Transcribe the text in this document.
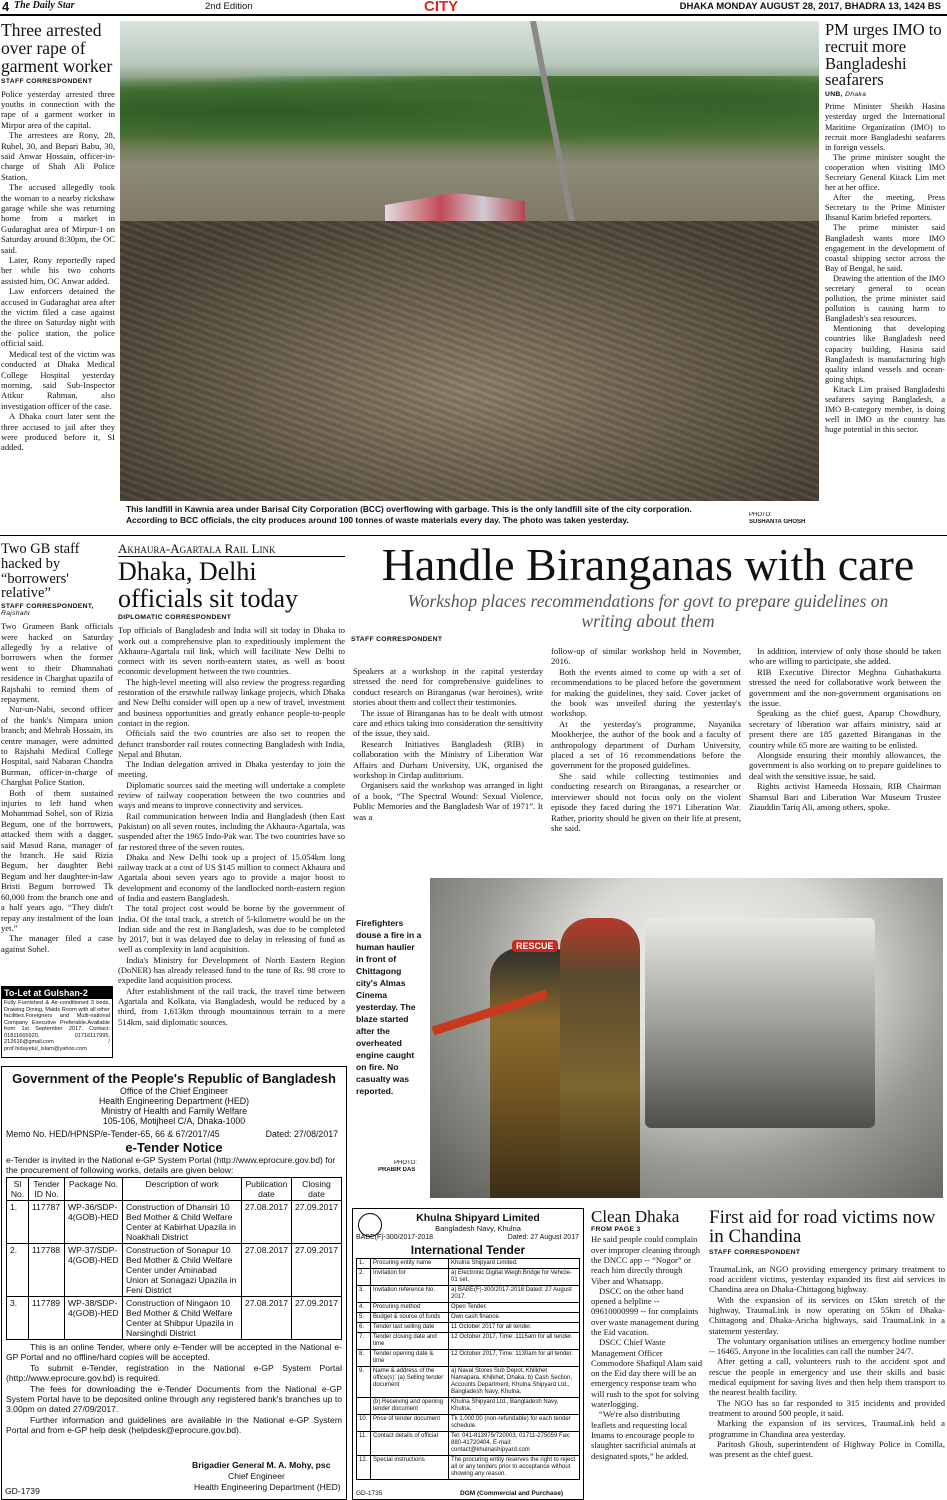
4 The Daily Star	2nd Edition	CITY	DHAKA MONDAY AUGUST 28, 2017, BHADRA 13, 1424 BS
Three arrested over rape of garment worker
STAFF CORRESPONDENT

Police yesterday arrested three youths in connection with the rape of a garment worker in Mirpur area of the capital.

The arrestees are Rony, 28, Rubel, 30, and Bepari Babu, 30, said Anwar Hossain, officer-in-charge of Shah Ali Police Station.

The accused allegedly took the woman to a nearby rickshaw garage while she was returning home from a market in Gudaraghat area of Mirpur-1 on Saturday around 8:30pm, the OC said.

Later, Rony reportedly raped her while his two cohorts assisted him, OC Anwar added.

Law enforcers detained the accused in Gudaraghat area after the victim filed a case against the three on Saturday night with the police station, the police official said.

Medical test of the victim was conducted at Dhaka Medical College Hospital yesterday morning, said Sub-Inspector Atikur Rahman, also investigation officer of the case.

A Dhaka court later sent the three accused to jail after they were produced before it, SI added.

This landfill in Kawnia area under Barisal City Corporation (BCC) overflowing with garbage. This is the only landfill site of the city corporation. According to BCC officials, the city produces around 100 tonnes of waste materials every day. The photo was taken yesterday.	PHOTO:
SUSHANTA GHOSH
PM urges IMO to recruit more Bangladeshi seafarers
UNB, Dhaka

Prime Minister Sheikh Hasina yesterday urged the International Maritime Organization (IMO) to recruit more Bangladeshi seafarers in foreign vessels.

The prime minister sought the cooperation when visiting IMO Secretary General Kitack Lim met her at her office.

After the meeting, Press Secretary to the Prime Minister Ihsanul Karim briefed reporters.

The prime minister said Bangladesh wants more IMO engagement in the development of coastal shipping sector across the Bay of Bengal, he said.

Drawing the attention of the IMO secretary general to ocean pollution, the prime minister said pollution is causing harm to Bangladesh's sea resources.

Mentioning that developing countries like Bangladesh need capacity building, Hasina said Bangladesh is manufacturing high quality inland vessels and ocean-going ships.

Kitack Lim praised Bangladeshi seafarers saying Bangladesh, a IMO B-category member, is doing well in IMO as the country has huge potential in this sector.

Two GB staff hacked by “borrowers' relative”
STAFF CORRESPONDENT, Rajshahi

Two Grameen Bank officials were hacked on Saturday allegedly by a relative of borrowers when the former went to their Dhamnahati residence in Charghat upazila of Rajshahi to remind them of repayment.

Nur-un-Nabi, second officer of the bank's Nimpara union branch; and Mehrab Hossain, its centre manager, were admitted to Rajshahi Medical College Hospital, said Nabaran Chandra Burman, officer-in-charge of Charghat Police Station.

Both of them sustained injuries to left hand when Mohammad Sohel, son of Rizia Begum, one of the borrowers, attacked them with a dagger, said Masud Rana, manager of the branch. He said Rizia Begum, her daughter Bebi Begum and her daughter-in-law Bristi Begum borrowed Tk 60,000 from the branch one and a half years ago. “They didn't repay any instalment of the loan yet.”

The manager filed a case against Sohel.

To-Let at Gulshan-2
Fully Furnished & Air-conditioned 3 beds, Drawing Dining, Maids Room with all other facilities.Foreigners and Multi-national Company Executive Preferable.Available from 1st September 2017. Contact: 01811665920, 01716117995, 212616@gmail.com / prof.hidayetul_islam@yahoo.com
Akhaura-Agartala Rail Link
Dhaka, Delhi officials sit today
DIPLOMATIC CORRESPONDENT

Top officials of Bangladesh and India will sit today in Dhaka to work out a comprehensive plan to expeditiously implement the Akhaura-Agartala rail link, which will facilitate New Delhi to connect with its seven north-eastern states, as well as boost economic development between the two countries.

The high-level meeting will also review the progress regarding restoration of the erstwhile railway linkage projects, which Dhaka and New Delhi consider will open up a new of travel, investment and business opportunities and greatly enhance people-to-people contact in the region.

Officials said the two countries are also set to reopen the defunct transborder rail routes connecting Bangladesh with India, Nepal and Bhutan.

The Indian delegation arrived in Dhaka yesterday to join the meeting.

Diplomatic sources said the meeting will undertake a complete review of railway cooperation between the two countries and ways and means to improve connectivity and services.

Rail communication between India and Bangladesh (then East Pakistan) on all seven routes, including the Akhaura-Agartala, was suspended after the 1965 Indo-Pak war. The two countries have so far restored three of the seven routes.

Dhaka and New Delhi took up a project of 15.054km long railway track at a cost of US $145 million to connect Akhaura and Agartala about seven years ago to provide a major boost to development and economy of the landlocked north-eastern region of India and eastern Bangladesh.

The total project cost would be borne by the government of India. Of the total track, a stretch of 5-kilometre would be on the Indian side and the rest in Bangladesh, was due to be completed by 2017, but it was delayed due to delay in releasing of fund as well as complexity in land acquisition.

India's Ministry for Development of North Eastern Region (DoNER) has already released fund to the tune of Rs. 98 crore to expedite land acquisition process.

After establishment of the rail track, the travel time between Agartala and Kolkata, via Bangladesh, would be reduced by a third, from 1,613km through mountainous terrain to a mere 514km, said diplomatic sources.

Handle Biranganas with care
Workshop places recommendations for govt to prepare guidelines on writing about them
STAFF CORRESPONDENT

Speakers at a workshop in the capital yesterday stressed the need for comprehensive guidelines to conduct research on Biranganas (war heroines), write stories about them and collect their testimonies.

The issue of Biranganas has to be dealt with utmost care and ethics taking into consideration the sensitivity of the issue, they said.

Research Initiatives Bangladesh (RIB) in collaboration with the Ministry of Liberation War Affairs and Durham University, UK, organised the workshop in Cirdap auditorium.

Organisers said the workshop was arranged in light of a book, “The Spectral Wound: Sexual Violence, Public Memories and the Bangladesh War of 1971”. It was a

follow-up of similar workshop held in November, 2016.

Both the events aimed to come up with a set of recommendations to be placed before the government for making the guidelines, they said. Cover jacket of the book was unveiled during the yesterday's workshop.

At the yesterday's programme, Nayanika Mookherjee, the author of the book and a faculty of anthropology department of Durham University, placed a set of 16 recommendations before the government for the proposed guidelines.

She said while collecting testimonies and conducting research on Biranganas, a researcher or interviewer should not focus only on the violent episode they faced during the 1971 Liberation War. Rather, priority should be given on their life at present, she said.

In addition, interview of only those should be taken who are willing to participate, she added.

RIB Executive Director Meghna Guhathakurta stressed the need for collaborative work between the government and the non-government organisations on the issue.

Speaking as the chief guest, Aparup Chowdhury, secretary of liberation war affairs ministry, said at present there are 185 gazetted Biranganas in the country while 65 more are waiting to be enlisted.

Alongside ensuring their monthly allowances, the government is also working on to prepare guidelines to deal with the sensitive issue, he said.

Rights activist Hameeda Hossain, RIB Chairman Shamsul Bari and Liberation War Museum Trustee Ziauddin Tariq Ali, among others, spoke.

Firefighters douse a fire in a human haulier in front of Chittagong city's Almas Cinema yesterday. The blaze started after the overheated engine caught on fire. No casualty was reported.
PHOTO:
PRABIR DAS
RESCUE
Government of the People's Republic of Bangladesh
Office of the Chief Engineer
Health Engineering Department (HED)
Ministry of Health and Family Welfare
105-106, Motijheel C/A, Dhaka-1000
Memo No. HED/HPNSP/e-Tender-65, 66 & 67/2017/45	Dated: 27/08/2017
e-Tender Notice
e-Tender is invited in the National e-GP System Portal (http://www.eprocure.gov.bd) for the procurement of following works, details are given below:
Sl No.	Tender ID No.	Package No.	Description of work	Publication date	Closing date
1.	117787	WP-36/SDP-4(GOB)-HED	Construction of Dhansiri 10 Bed Mother & Child Welfare Center at Kabirhat Upazila in Noakhali District	27.08.2017	27.09.2017
2.	117788	WP-37/SDP-4(GOB)-HED	Construction of Sonapur 10 Bed Mother & Child Welfare Center under Aminabad Union at Sonagazi Upazila in Feni District	27.08.2017	27.09.2017
3.	117789	WP-38/SDP-4(GOB)-HED	Construction of Ningaon 10 Bed Mother & Child Welfare Center at Shibpur Upazila in Narsinghdi District	27.08.2017	27.09.2017

This is an online Tender, where only e-Tender will be accepted in the National e-GP Portal and no offline/hard copies will be accepted.

To submit e-Tender, registration in the National e-GP System Portal (http://www.eprocure.gov.bd) is required.

The fees for downloading the e-Tender Documents from the National e-GP System Portal have to be deposited online through any registered bank's branches up to 3.00pm on dated 27/09/2017.

Further information and guidelines are available in the National e-GP System Portal and from e-GP help desk (helpdesk@eprocure.gov.bd).

Brigadier General M. A. Mohy, psc
Chief Engineer
Health Engineering Department (HED)
GD-1739
Khulna Shipyard Limited
Bangladesh Navy, Khulna
BABE(F)-300/2017-2018	Dated: 27 August 2017
International Tender
1.	Procuring entity name	Khulna Shipyard Limited.
2.	Invitation for	a) Electronic Digital Weigh Bridge for Vehicle-01 set.
3.	Invitation reference No.	a) BABE(F)-300/2017-2018 Dated: 27 August 2017.
4.	Procuring method	Open Tender.
5.	Budget & source of funds	Own cash finance.
6.	Tender last selling date	11 October 2017 for all tender.
7.	Tender closing date and time	12 October 2017, Time: 1115am for all tender.
8.	Tender opening date & time	12 October 2017, Time: 1130am for all tender.
9.	Name & address of the office(s): (a) Selling tender document	a) Naval Stores Sub Depot, Khilkhet Namapara, Khilkhet, Dhaka. b) Cash Section, Accounts Department, Khulna Shipyard Ltd., Bangladesh Navy, Khulna.
	(b) Receiving and opening tender document	Khulna Shipyard Ltd., Bangladesh Navy, Khulna.
10.	Price of tender document	Tk 1,000.00 (non-refundable) for each tender schedule.
11.	Contact details of official	Tel: 041-813975/720003, 01711-275059 Fax: 880-41720404, E-mail: contact@khulnashipyard.com
12.	Special instructions	The procuring entity reserves the right to reject all or any tenders prior to acceptance without showing any reason.
GD-1735	DGM (Commercial and Purchase)
Clean Dhaka
FROM PAGE 3

He said people could complain over improper cleaning through the DNCC app -- “Nogor” or reach him directly through Viber and Whatsapp.

DSCC on the other hand opened a helpline -- 09610000999 -- for complaints over waste management during the Eid vacation.

DSCC Chief Waste Management Officer Commodore Shafiqul Alam said on the Eid day there will be an emergency response team who will rush to the spot for solving waterlogging.

“We're also distributing leaflets and requesting local Imams to encourage people to slaughter sacrificial animals at designated spots,” he added.

First aid for road victims now in Chandina
STAFF CORRESPONDENT

TraumaLink, an NGO providing emergency primary treatment to road accident victims, yesterday expanded its first aid services in Chandina area on Dhaka-Chittagong highway.

With the expansion of its services on 15km stretch of the highway, TraumaLink is now operating on 55km of Dhaka-Chittagong and Dhaka-Aricha highways, said TraumaLink in a statement yesterday.

The voluntary organisation utilises an emergency hotline number -- 16465. Anyone in the localities can call the number 24/7.

After getting a call, volunteers rush to the accident spot and rescue the people in emergency and use their skills and basic medical equipment for saving lives and then help them transport to the nearest health facility.

The NGO has so far responded to 315 incidents and provided treatment to around 500 people, it said.

Marking the expansion of its services, TraumaLink held a programme in Chandina area yesterday.

Paritosh Ghosh, superintendent of Highway Police in Comilla, was present as the chief guest.
